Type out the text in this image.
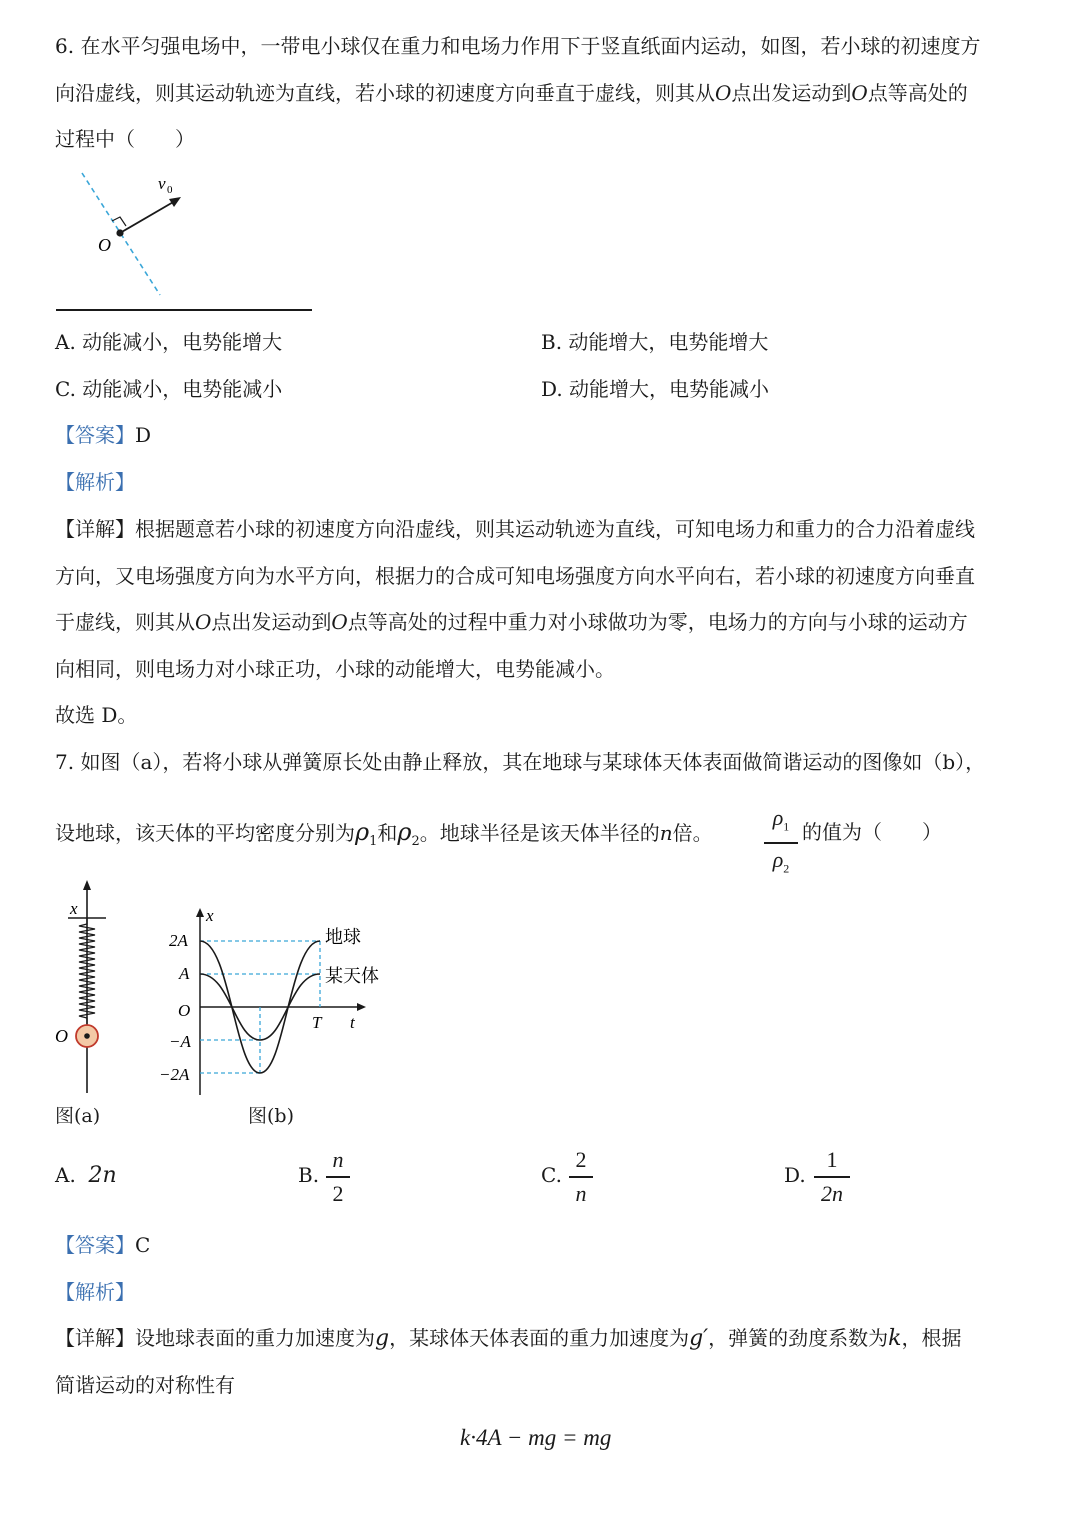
6. 在水平匀强电场中，一带电小球仅在重力和电场力作用下于竖直纸面内运动，如图，若小球的初速度方
向沿虚线，则其运动轨迹为直线，若小球的初速度方向垂直于虚线，则其从O点出发运动到O点等高处的
过程中（　　）
v 0
O
A. 动能减小，电势能增大	B. 动能增大，电势能增大
C. 动能减小，电势能减小	D. 动能增大，电势能减小
【答案】D
【解析】
【详解】根据题意若小球的初速度方向沿虚线，则其运动轨迹为直线，可知电场力和重力的合力沿着虚线
方向，又电场强度方向为水平方向，根据力的合成可知电场强度方向水平向右，若小球的初速度方向垂直
于虚线，则其从O点出发运动到O点等高处的过程中重力对小球做功为零，电场力的方向与小球的运动方
向相同，则电场力对小球正功，小球的动能增大，电势能减小。
故选 D。
7. 如图（a），若将小球从弹簧原长处由静止释放，其在地球与某球体天体表面做简谐运动的图像如（b），
设地球，该天体的平均密度分别为$\rho_1$和$\rho_2$。地球半径是该天体半径的n倍。
$\rho_1$
$\rho_2$
的值为（　　）
x
O
图(a)
x
t
T
O
2A
A
−A
−2A
地球
某天体
图(b)
A. 2n	B.
n
2
C.
2
n
D.
1
2n
【答案】C
【解析】
【详解】设地球表面的重力加速度为g，某球体天体表面的重力加速度为g′，弹簧的劲度系数为k，根据
简谐运动的对称性有
k·4A − mg = mg
